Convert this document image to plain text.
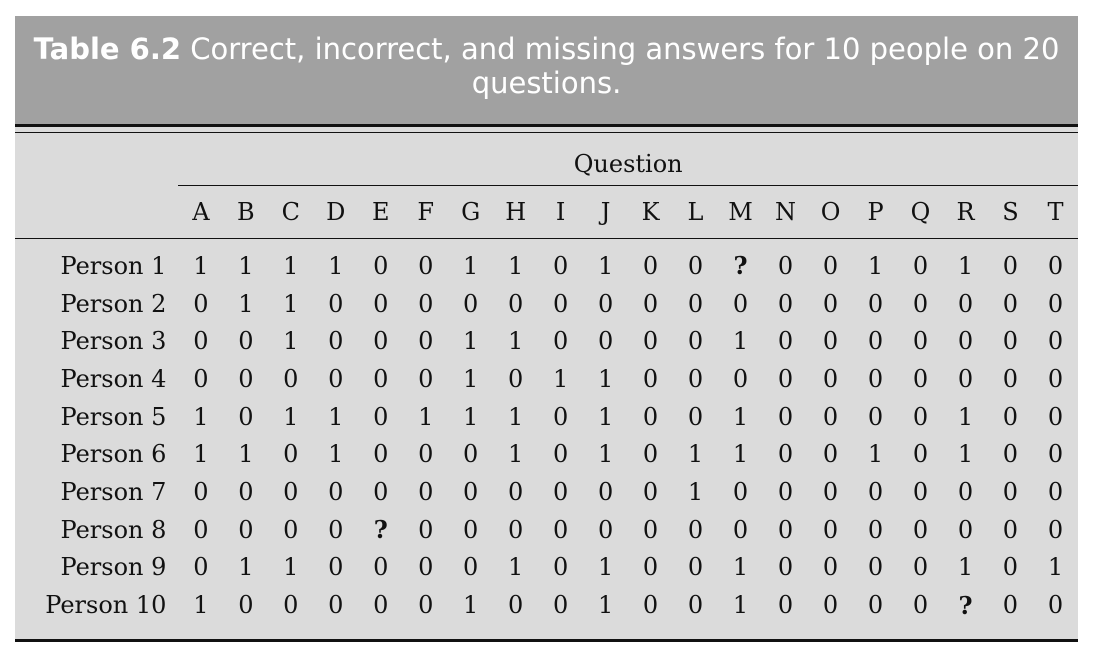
Table 6.2 Correct, incorrect, and missing answers for 10 people on 20 questions.
	Question																			
	A	B	C	D	E	F	G	H	I	J	K	L	M	N	O	P	Q	R	S	T
Person 1	1	1	1	1	0	0	1	1	0	1	0	0	?	0	0	1	0	1	0	0
Person 2	0	1	1	0	0	0	0	0	0	0	0	0	0	0	0	0	0	0	0	0
Person 3	0	0	1	0	0	0	1	1	0	0	0	0	1	0	0	0	0	0	0	0
Person 4	0	0	0	0	0	0	1	0	1	1	0	0	0	0	0	0	0	0	0	0
Person 5	1	0	1	1	0	1	1	1	0	1	0	0	1	0	0	0	0	1	0	0
Person 6	1	1	0	1	0	0	0	1	0	1	0	1	1	0	0	1	0	1	0	0
Person 7	0	0	0	0	0	0	0	0	0	0	0	1	0	0	0	0	0	0	0	0
Person 8	0	0	0	0	?	0	0	0	0	0	0	0	0	0	0	0	0	0	0	0
Person 9	0	1	1	0	0	0	0	1	0	1	0	0	1	0	0	0	0	1	0	1
Person 10	1	0	0	0	0	0	1	0	0	1	0	0	1	0	0	0	0	?	0	0
